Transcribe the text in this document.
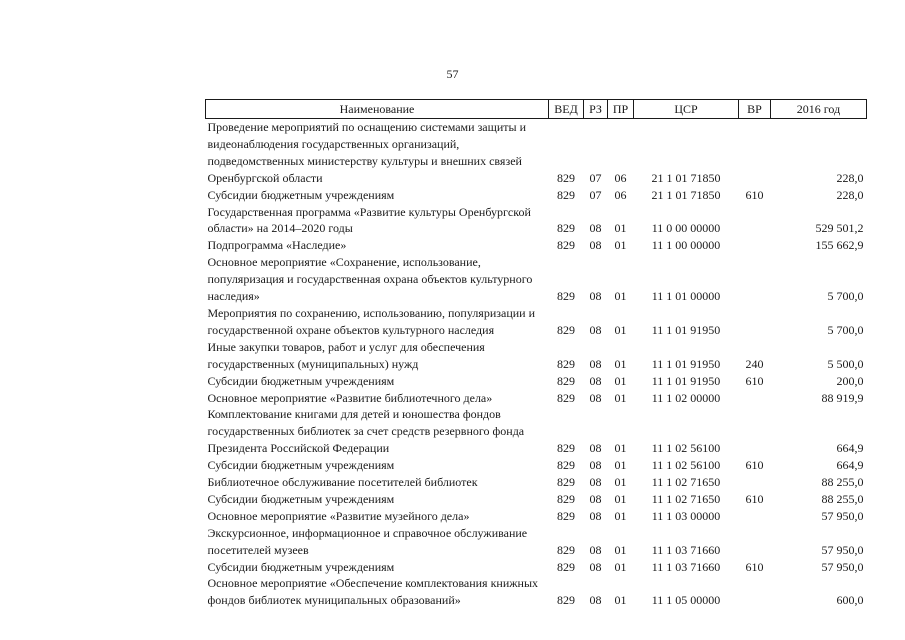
57
Наименование	ВЕД	РЗ	ПР	ЦСР	ВР	2016 год
Проведение мероприятий по оснащению системами защиты и видеонаблюдения государственных организаций, подведомственных министерству культуры и внешних связей Оренбургской области	829	07	06	21 1 01 71850		228,0
Субсидии бюджетным учреждениям	829	07	06	21 1 01 71850	610	228,0
Государственная программа «Развитие культуры Оренбургской области» на 2014–2020 годы	829	08	01	11 0 00 00000		529 501,2
Подпрограмма «Наследие»	829	08	01	11 1 00 00000		155 662,9
Основное мероприятие «Сохранение, использование, популяризация и государственная охрана объектов культурного наследия»	829	08	01	11 1 01 00000		5 700,0
Мероприятия по сохранению, использованию, популяризации и государственной охране объектов культурного наследия	829	08	01	11 1 01 91950		5 700,0
Иные закупки товаров, работ и услуг для обеспечения государственных (муниципальных) нужд	829	08	01	11 1 01 91950	240	5 500,0
Субсидии бюджетным учреждениям	829	08	01	11 1 01 91950	610	200,0
Основное мероприятие «Развитие библиотечного дела»	829	08	01	11 1 02 00000		88 919,9
Комплектование книгами для детей и юношества фондов государственных библиотек за счет средств резервного фонда Президента Российской Федерации	829	08	01	11 1 02 56100		664,9
Субсидии бюджетным учреждениям	829	08	01	11 1 02 56100	610	664,9
Библиотечное обслуживание посетителей библиотек	829	08	01	11 1 02 71650		88 255,0
Субсидии бюджетным учреждениям	829	08	01	11 1 02 71650	610	88 255,0
Основное мероприятие «Развитие музейного дела»	829	08	01	11 1 03 00000		57 950,0
Экскурсионное, информационное и справочное обслуживание посетителей музеев	829	08	01	11 1 03 71660		57 950,0
Субсидии бюджетным учреждениям	829	08	01	11 1 03 71660	610	57 950,0
Основное мероприятие «Обеспечение комплектования книжных фондов библиотек муниципальных образований»	829	08	01	11 1 05 00000		600,0
